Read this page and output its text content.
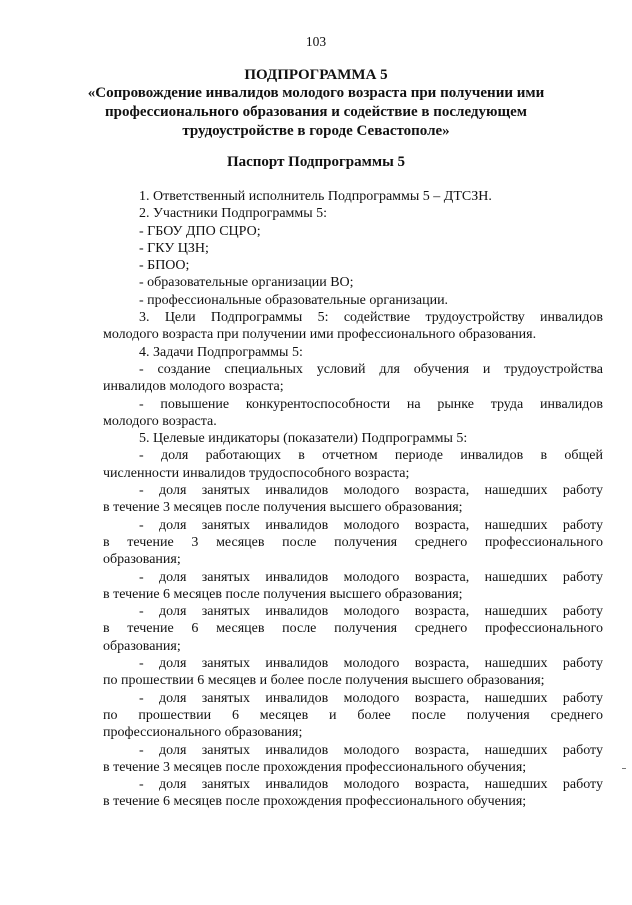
103
ПОДПРОГРАММА 5
«Сопровождение инвалидов молодого возраста при получении ими
профессионального образования и содействие в последующем
трудоустройстве в городе Севастополе»
Паспорт Подпрограммы 5
1. Ответственный исполнитель Подпрограммы 5 – ДТСЗН.
2. Участники Подпрограммы 5:
- ГБОУ ДПО СЦРО;
- ГКУ ЦЗН;
- БПОО;
- образовательные организации ВО;
- профессиональные образовательные организации.
3. Цели Подпрограммы 5: содействие трудоустройству инвалидов
молодого возраста при получении ими профессионального образования.
4. Задачи Подпрограммы 5:
- создание специальных условий для обучения и трудоустройства
инвалидов молодого возраста;
- повышение конкурентоспособности на рынке труда инвалидов
молодого возраста.
5. Целевые индикаторы (показатели) Подпрограммы 5:
- доля работающих в отчетном периоде инвалидов в общей
численности инвалидов трудоспособного возраста;
- доля занятых инвалидов молодого возраста, нашедших работу
в течение 3 месяцев после получения высшего образования;
- доля занятых инвалидов молодого возраста, нашедших работу
в течение 3 месяцев после получения среднего профессионального
образования;
- доля занятых инвалидов молодого возраста, нашедших работу
в течение 6 месяцев после получения высшего образования;
- доля занятых инвалидов молодого возраста, нашедших работу
в течение 6 месяцев после получения среднего профессионального
образования;
- доля занятых инвалидов молодого возраста, нашедших работу
по прошествии 6 месяцев и более после получения высшего образования;
- доля занятых инвалидов молодого возраста, нашедших работу
по прошествии 6 месяцев и более после получения среднего
профессионального образования;
- доля занятых инвалидов молодого возраста, нашедших работу
в течение 3 месяцев после прохождения профессионального обучения;
- доля занятых инвалидов молодого возраста, нашедших работу
в течение 6 месяцев после прохождения профессионального обучения;
